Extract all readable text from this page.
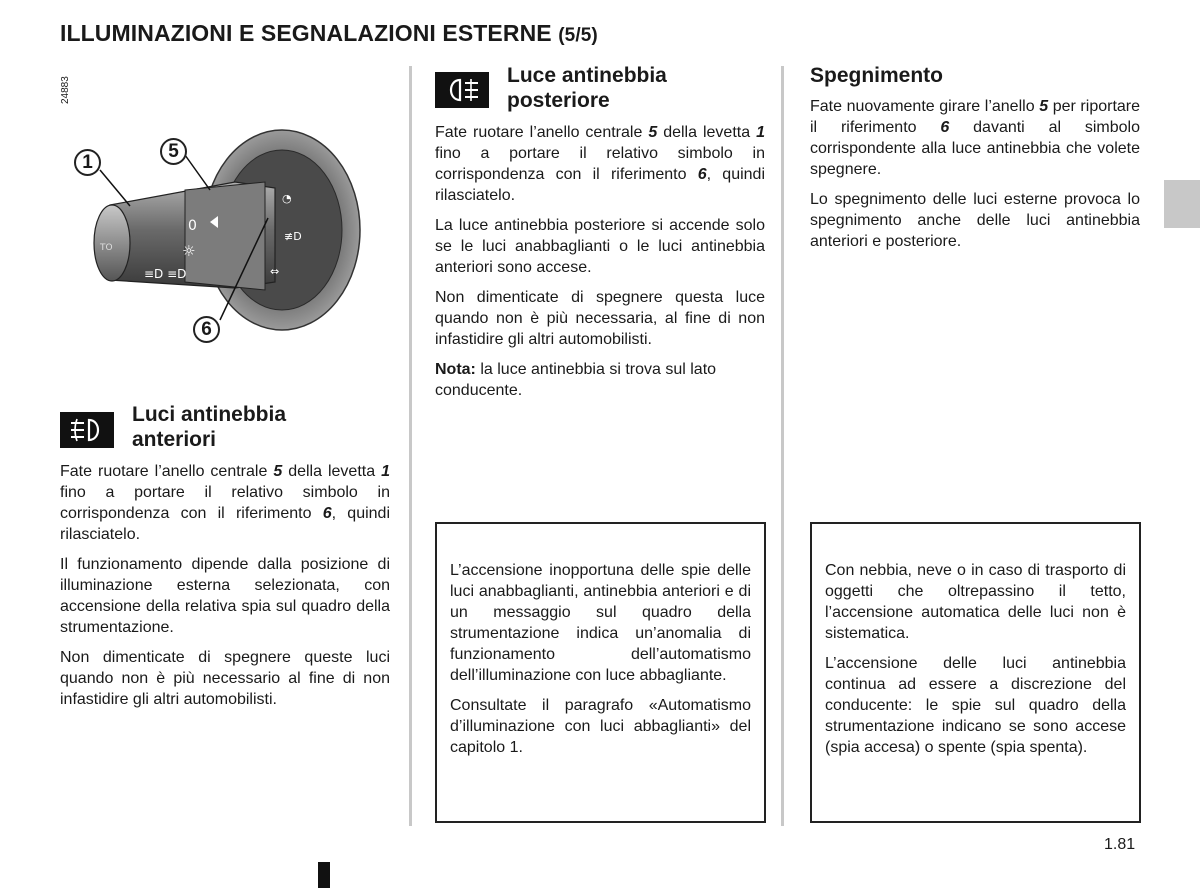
ILLUMINAZIONI E SEGNALAZIONI ESTERNE (5/5)
24883
0
☼
≡D ≡D
TO
◔
≢D
⇔
1
5
6
Luci antinebbia
anteriori

Fate ruotare l’anello centrale 5 della levetta 1 fino a portare il relativo simbolo in corrispondenza con il riferimento 6, quindi rilasciatelo.

Il funzionamento dipende dalla posizione di illuminazione esterna selezionata, con accensione della relativa spia sul quadro della strumentazione.

Non dimenticate di spegnere queste luci quando non è più necessario al fine di non infastidire gli altri automobilisti.

Luce antinebbia
posteriore

Fate ruotare l’anello centrale 5 della levetta 1 fino a portare il relativo simbolo in corrispondenza con il riferimento 6, quindi rilasciatelo.

La luce antinebbia posteriore si accende solo se le luci anabbaglianti o le luci antinebbia anteriori sono accese.

Non dimenticate di spegnere questa luce quando non è più necessaria, al fine di non infastidire gli altri automobilisti.

Nota: la luce antinebbia si trova sul lato conducente.

Spegnimento

Fate nuovamente girare l’anello 5 per riportare il riferimento 6 davanti al simbolo corrispondente alla luce antinebbia che volete spegnere.

Lo spegnimento delle luci esterne provoca lo spegnimento anche delle luci antinebbia anteriori e posteriore.

L’accensione inopportuna delle spie delle luci anabbaglianti, antinebbia anteriori e di un messaggio sul quadro della strumentazione indica un’anomalia di funzionamento dell’automatismo dell’illuminazione con luce abbagliante.

Consultate il paragrafo «Automatismo d’illuminazione con luci abbaglianti» del capitolo 1.

Con nebbia, neve o in caso di trasporto di oggetti che oltrepassino il tetto, l’accensione automatica delle luci non è sistematica.

L’accensione delle luci antinebbia continua ad essere a discrezione del conducente: le spie sul quadro della strumentazione indicano se sono accese (spia accesa) o spente (spia spenta).

1.81
